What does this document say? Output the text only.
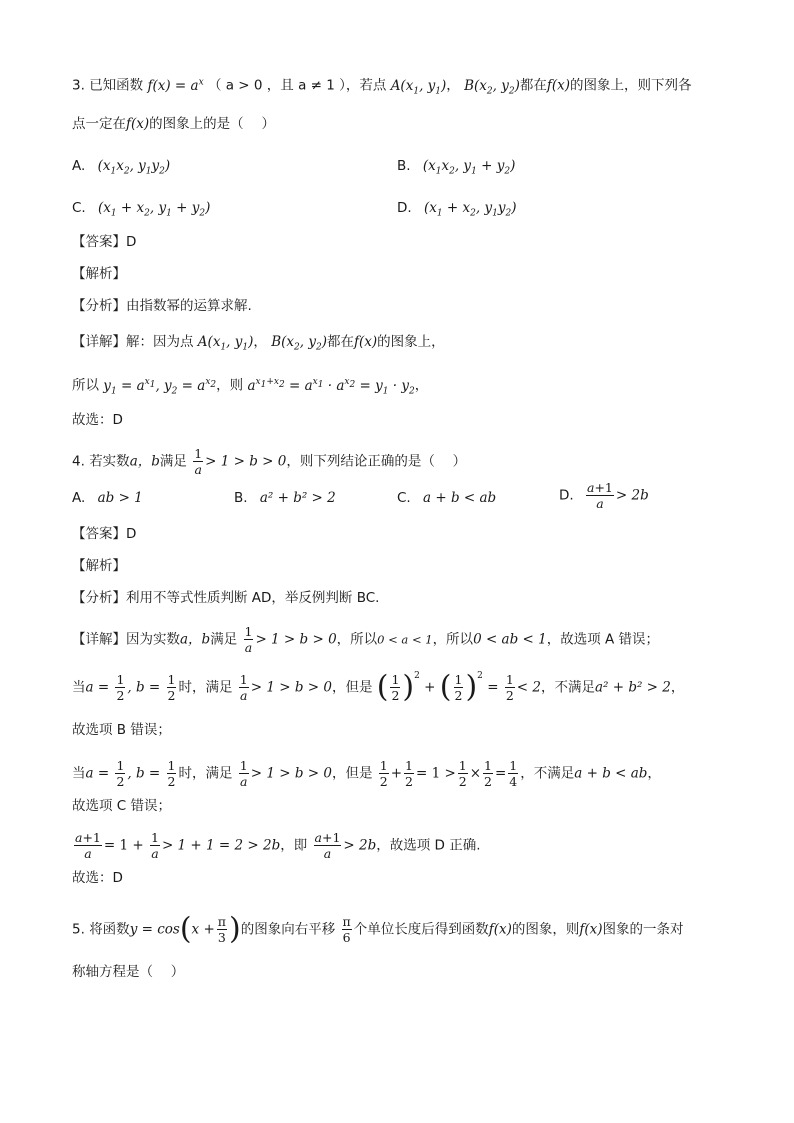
3. 已知函数 $f(x) = a^x$ （ a > 0 ，且 a ≠ 1 ），若点 $A(x_1$, $y_1$)， $B(x_2$, $y_2$)都在f(x)的图象上，则下列各
点一定在f(x)的图象上的是（　 ）
A. ($x_1x_2$, $y_1y_2$)	B. ($x_1x_2$, $y_1 + y_2$)
C. ($x_1 + x_2$, $y_1 + y_2$)	D. ($x_1 + x_2$, $y_1y_2$)
【答案】D
【解析】
【分析】由指数幂的运算求解.
【详解】解：因为点 $A(x_1$, $y_1$)， $B(x_2$, $y_2$)都在f(x)的图象上，
所以 $y_1 = a^{x_1}$, $y_2 = a^{x_2}$，则 $a^{x_1+x_2} = a^{x_1} \cdot a^{x_2} = y_1 \cdot y_2$，
故选：D
4. 若实数a，b满足 $\frac{1}{a} > 1 > b > 0$，则下列结论正确的是（　 ）
A. ab > 1	B. a² + b² > 2	C. a + b < ab	D. $\frac{a+1}{a} > 2b$
【答案】D
【解析】
【分析】利用不等式性质判断 AD，举反例判断 BC.
【详解】因为实数a，b满足 $\frac{1}{a} > 1 > b > 0$，所以0 < a < 1，所以0 < ab < 1，故选项 A 错误；
当$a = \frac{1}{2}$ , $b = \frac{1}{2}$ 时，满足 $\frac{1}{a} > 1 > b > 0$，但是 ( $\frac{1}{2} )^2$ + ( $\frac{1}{2} )^2 = \frac{1}{2} < 2$，不满足a² + b² > 2，
故选项 B 错误；
当$a = \frac{1}{2}$ , $b = \frac{1}{2}$ 时，满足 $\frac{1}{a} > 1 > b > 0$，但是 $\frac{1}{2} + \frac{1}{2} = 1 > \frac{1}{2} \times \frac{1}{2} = \frac{1}{4}$ ，不满足a + b < ab，
故选项 C 错误；
$\frac{a+1}{a} = 1 + \frac{1}{a} > 1 + 1 = 2 > 2b$，即 $\frac{a+1}{a} > 2b$，故选项 D 正确.
故选：D
5. 将函数$y = \cos(x + \frac{\pi}{3}$ )的图象向右平移 $\frac{\pi}{6}$ 个单位长度后得到函数f(x)的图象，则f(x)图象的一条对
称轴方程是（　 ）
